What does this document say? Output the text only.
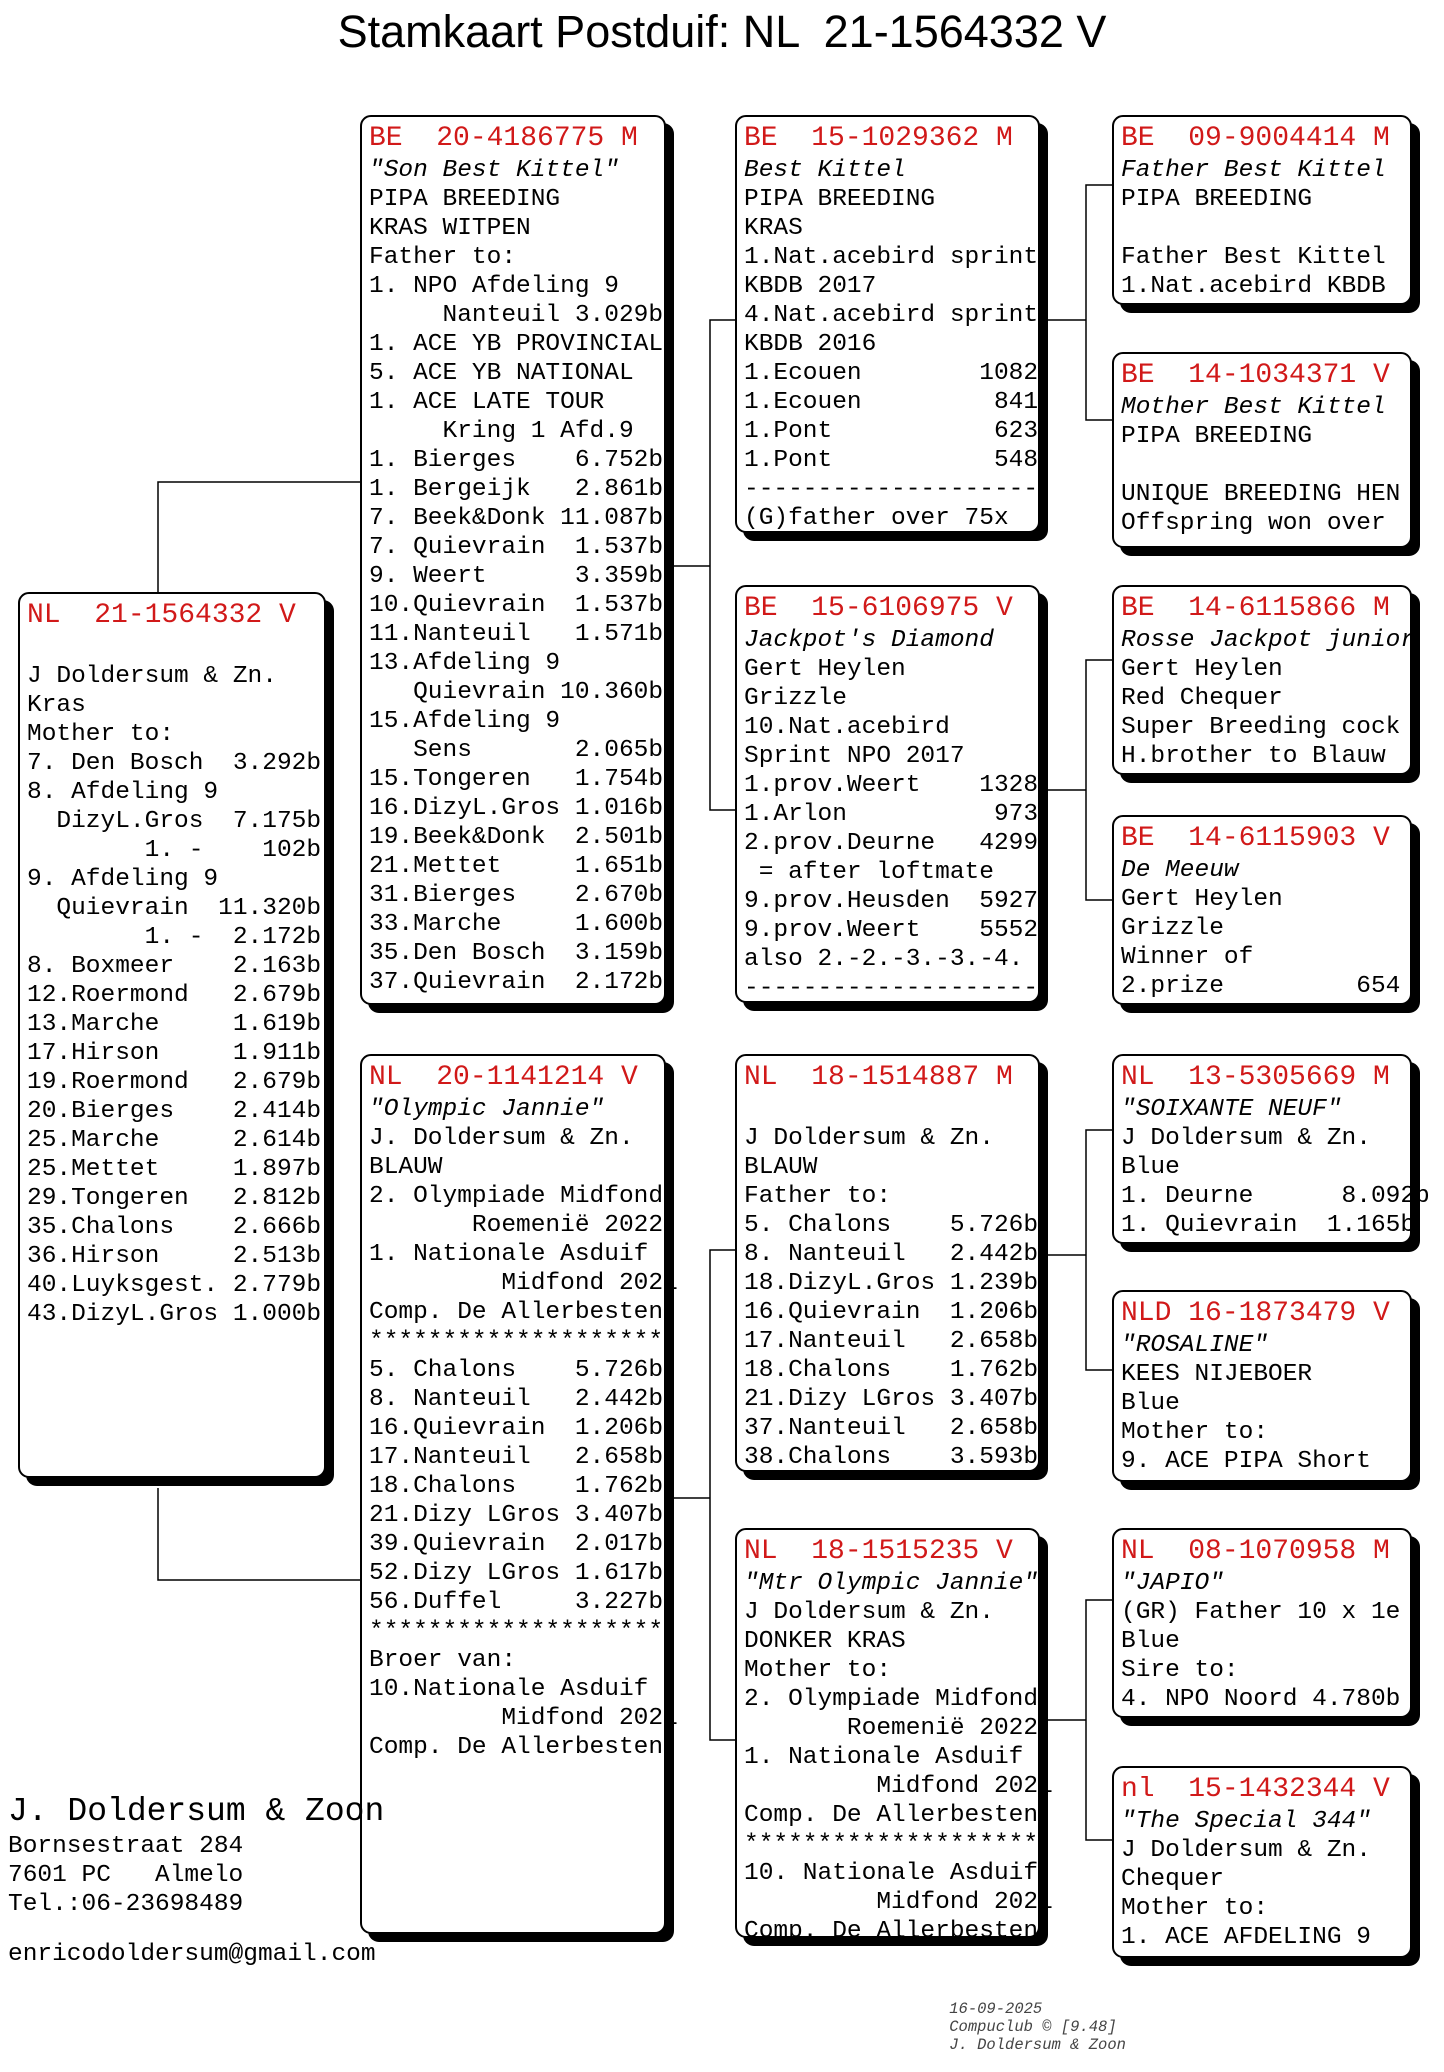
Stamkaart Postduif: NL  21-1564332 V
NL  21-1564332 V
J Doldersum & Zn.
Kras
Mother to:
7. Den Bosch  3.292b
8. Afdeling 9
DizyL.Gros  7.175b
1. -    102b
9. Afdeling 9
Quievrain  11.320b
1. -  2.172b
8. Boxmeer    2.163b
12.Roermond   2.679b
13.Marche     1.619b
17.Hirson     1.911b
19.Roermond   2.679b
20.Bierges    2.414b
25.Marche     2.614b
25.Mettet     1.897b
29.Tongeren   2.812b
35.Chalons    2.666b
36.Hirson     2.513b
40.Luyksgest. 2.779b
43.DizyL.Gros 1.000b
BE  20-4186775 M
"Son Best Kittel"
PIPA BREEDING
KRAS WITPEN
Father to:
1. NPO Afdeling 9
Nanteuil 3.029b
1. ACE YB PROVINCIAL
5. ACE YB NATIONAL
1. ACE LATE TOUR
Kring 1 Afd.9
1. Bierges    6.752b
1. Bergeijk   2.861b
7. Beek&Donk 11.087b
7. Quievrain  1.537b
9. Weert      3.359b
10.Quievrain  1.537b
11.Nanteuil   1.571b
13.Afdeling 9
Quievrain 10.360b
15.Afdeling 9
Sens       2.065b
15.Tongeren   1.754b
16.DizyL.Gros 1.016b
19.Beek&Donk  2.501b
21.Mettet     1.651b
31.Bierges    2.670b
33.Marche     1.600b
35.Den Bosch  3.159b
37.Quievrain  2.172b
NL  20-1141214 V
"Olympic Jannie"
J. Doldersum & Zn.
BLAUW
2. Olympiade Midfond
Roemenië 2022
1. Nationale Asduif
Midfond 2021
Comp. De Allerbesten
********************
5. Chalons    5.726b
8. Nanteuil   2.442b
16.Quievrain  1.206b
17.Nanteuil   2.658b
18.Chalons    1.762b
21.Dizy LGros 3.407b
39.Quievrain  2.017b
52.Dizy LGros 1.617b
56.Duffel     3.227b
********************
Broer van:
10.Nationale Asduif
Midfond 2021
Comp. De Allerbesten
BE  15-1029362 M
Best Kittel
PIPA BREEDING
KRAS
1.Nat.acebird sprint
KBDB 2017
4.Nat.acebird sprint
KBDB 2016
1.Ecouen        1082
1.Ecouen         841
1.Pont           623
1.Pont           548
--------------------
(G)father over 75x
BE  15-6106975 V
Jackpot's Diamond
Gert Heylen
Grizzle
10.Nat.acebird
Sprint NPO 2017
1.prov.Weert    1328
1.Arlon          973
2.prov.Deurne   4299
= after loftmate
9.prov.Heusden  5927
9.prov.Weert    5552
also 2.-2.-3.-3.-4.
--------------------
NL  18-1514887 M
J Doldersum & Zn.
BLAUW
Father to:
5. Chalons    5.726b
8. Nanteuil   2.442b
18.DizyL.Gros 1.239b
16.Quievrain  1.206b
17.Nanteuil   2.658b
18.Chalons    1.762b
21.Dizy LGros 3.407b
37.Nanteuil   2.658b
38.Chalons    3.593b
NL  18-1515235 V
"Mtr Olympic Jannie"
J Doldersum & Zn.
DONKER KRAS
Mother to:
2. Olympiade Midfond
Roemenië 2022
1. Nationale Asduif
Midfond 2021
Comp. De Allerbesten
********************
10. Nationale Asduif
Midfond 2021
Comp. De Allerbesten
BE  09-9004414 M
Father Best Kittel
PIPA BREEDING
Father Best Kittel
1.Nat.acebird KBDB
BE  14-1034371 V
Mother Best Kittel
PIPA BREEDING
UNIQUE BREEDING HEN
Offspring won over
BE  14-6115866 M
Rosse Jackpot junior
Gert Heylen
Red Chequer
Super Breeding cock
H.brother to Blauw
BE  14-6115903 V
De Meeuw
Gert Heylen
Grizzle
Winner of
2.prize         654
NL  13-5305669 M
"SOIXANTE NEUF"
J Doldersum & Zn.
Blue
1. Deurne      8.092b
1. Quievrain  1.165b
NLD 16-1873479 V
"ROSALINE"
KEES NIJEBOER
Blue
Mother to:
9. ACE PIPA Short
NL  08-1070958 M
"JAPIO"
(GR) Father 10 x 1e
Blue
Sire to:
4. NPO Noord 4.780b
nl  15-1432344 V
"The Special 344"
J Doldersum & Zn.
Chequer
Mother to:
1. ACE AFDELING 9
J. Doldersum & Zoon
Bornsestraat 284
7601 PC   Almelo
Tel.:06-23698489
enricodoldersum@gmail.com

16-09-2025
Compuclub © [9.48]
J. Doldersum & Zoon
